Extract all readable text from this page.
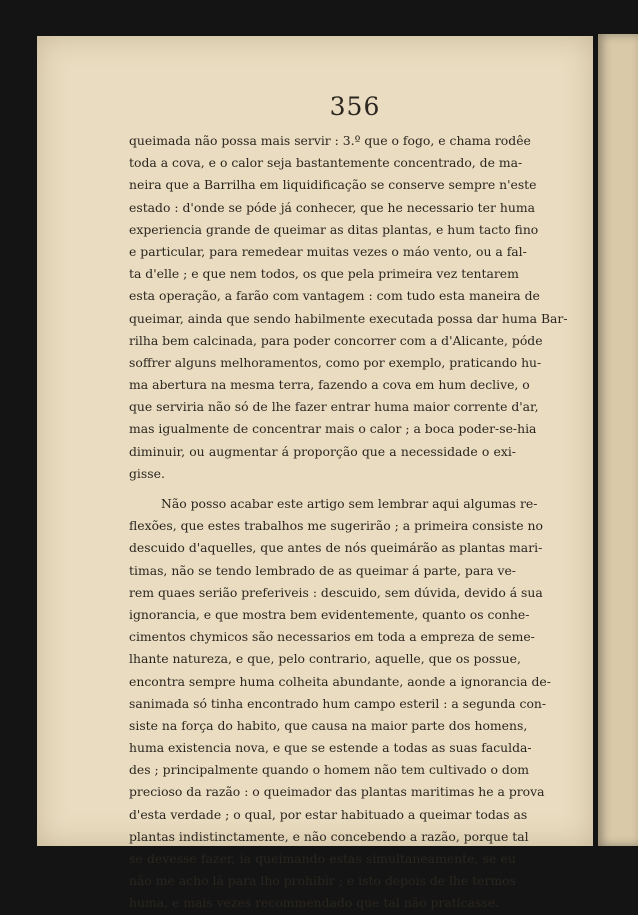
356
queimada não possa mais servir : 3.º que o fogo, e chama rodêe
toda a cova, e o calor seja bastantemente concentrado, de ma-
neira que a Barrilha em liquidificação se conserve sempre n'este
estado : d'onde se póde já conhecer, que he necessario ter huma
experiencia grande de queimar as ditas plantas, e hum tacto fino
e particular, para remedear muitas vezes o máo vento, ou a fal-
ta d'elle ; e que nem todos, os que pela primeira vez tentarem
esta operação, a farão com vantagem : com tudo esta maneira de
queimar, ainda que sendo habilmente executada possa dar huma Bar-
rilha bem calcinada, para poder concorrer com a d'Alicante, póde
soffrer alguns melhoramentos, como por exemplo, praticando hu-
ma abertura na mesma terra, fazendo a cova em hum declive, o
que serviria não só de lhe fazer entrar huma maior corrente d'ar,
mas igualmente de concentrar mais o calor ; a boca poder-se-hia
diminuir, ou augmentar á proporção que a necessidade o exi-
gisse.
Não posso acabar este artigo sem lembrar aqui algumas re-
flexões, que estes trabalhos me sugerirão ; a primeira consiste no
descuido d'aquelles, que antes de nós queimárão as plantas mari-
timas, não se tendo lembrado de as queimar á parte, para ve-
rem quaes serião preferiveis : descuido, sem dúvida, devido á sua
ignorancia, e que mostra bem evidentemente, quanto os conhe-
cimentos chymicos são necessarios em toda a empreza de seme-
lhante natureza, e que, pelo contrario, aquelle, que os possue,
encontra sempre huma colheita abundante, aonde a ignorancia de-
sanimada só tinha encontrado hum campo esteril : a segunda con-
siste na força do habito, que causa na maior parte dos homens,
huma existencia nova, e que se estende a todas as suas faculda-
des ; principalmente quando o homem não tem cultivado o dom
precioso da razão : o queimador das plantas maritimas he a prova
d'esta verdade ; o qual, por estar habituado a queimar todas as
plantas indistinctamente, e não concebendo a razão, porque tal
se devesse fazer, ia queimando estas simultaneamente, se eu
não me acho lá para lho prohibir ; e isto depois de lhe termos
huma, e mais vezes recommendado que tal não praticasse.
